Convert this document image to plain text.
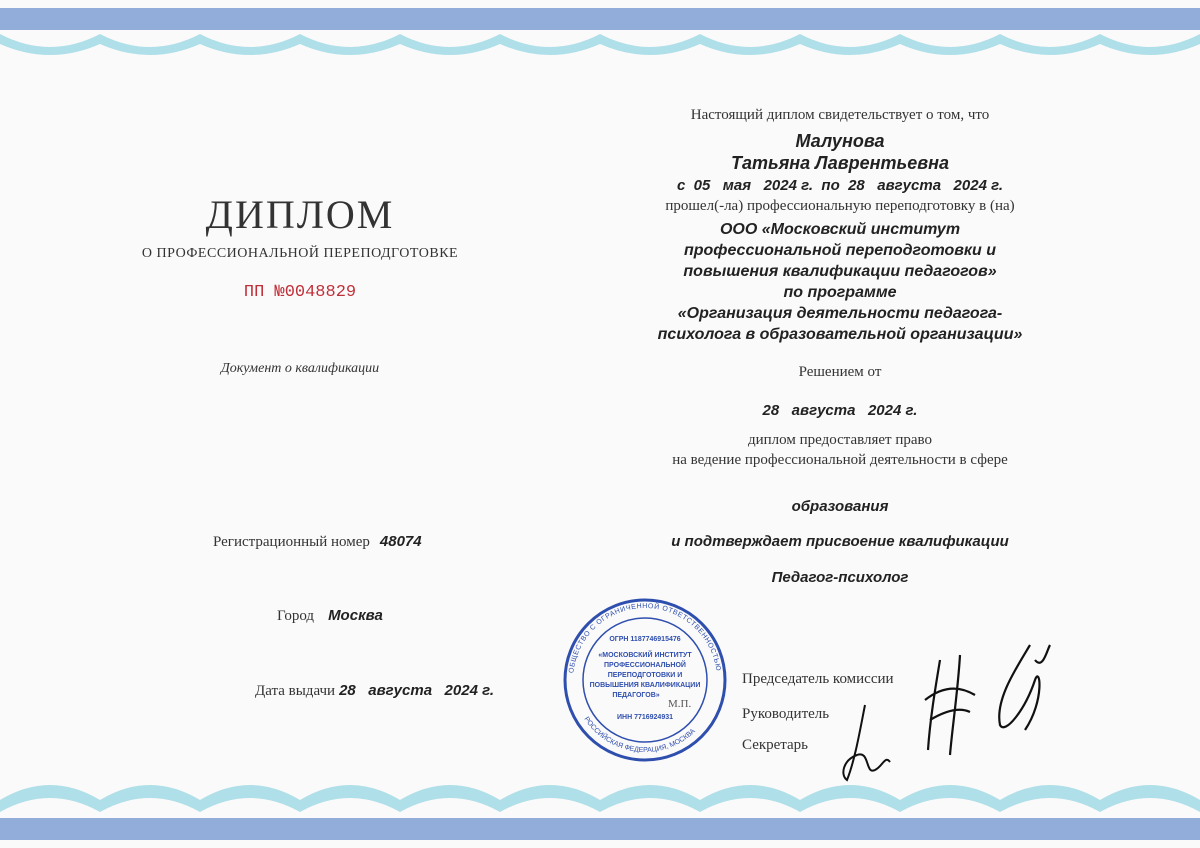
ДИПЛОМ
О ПРОФЕССИОНАЛЬНОЙ ПЕРЕПОДГОТОВКЕ
ПП №0048829
Документ о квалификации
Регистрационный номер 48074
Город Москва
Дата выдачи 28   августа   2024 г.
Настоящий диплом свидетельствует о том, что
Малунова
Татьяна Лаврентьевна
с  05   мая   2024 г.  по  28   августа   2024 г.
прошел(-ла) профессиональную переподготовку в (на)
ООО «Московский институт
профессиональной переподготовки и
повышения квалификации педагогов»
по программе
«Организация деятельности педагога-
психолога в образовательной организации»
Решением от
28   августа   2024 г.
диплом предоставляет право
на ведение профессиональной деятельности в сфере
образования
и подтверждает присвоение квалификации
Педагог-психолог
Председатель комиссии
Руководитель
Секретарь
ОБЩЕСТВО С ОГРАНИЧЕННОЙ ОТВЕТСТВЕННОСТЬЮ
РОССИЙСКАЯ ФЕДЕРАЦИЯ, МОСКВА
ОГРН 1187746915476
«МОСКОВСКИЙ ИНСТИТУТ
ПРОФЕССИОНАЛЬНОЙ
ПЕРЕПОДГОТОВКИ И
ПОВЫШЕНИЯ КВАЛИФИКАЦИИ
ПЕДАГОГОВ»
ИНН 7716924931
М.П.
